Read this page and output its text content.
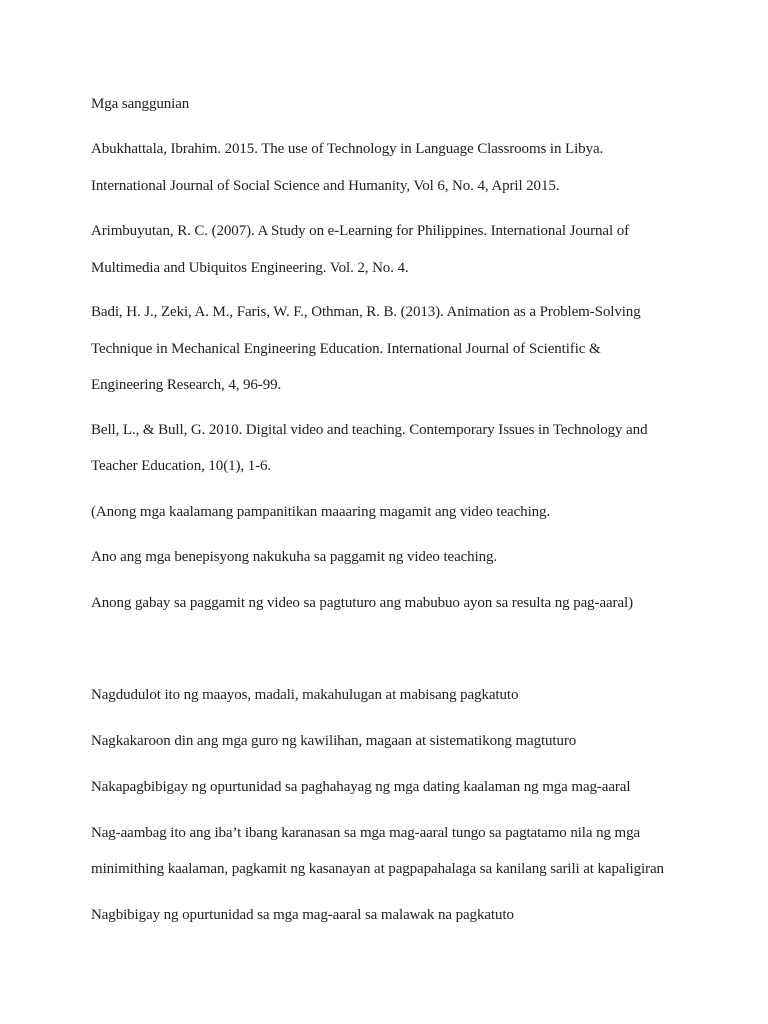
Mga sanggunian

Abukhattala, Ibrahim. 2015. The use of Technology in Language Classrooms in Libya.

International Journal of Social Science and Humanity, Vol 6, No. 4, April 2015.

Arimbuyutan, R. C. (2007). A Study on e-Learning for Philippines. International Journal of

Multimedia and Ubiquitos Engineering. Vol. 2, No. 4.

Badi, H. J., Zeki, A. M., Faris, W. F., Othman, R. B. (2013). Animation as a Problem-Solving

Technique in Mechanical Engineering Education. International Journal of Scientific &

Engineering Research, 4, 96-99.

Bell, L., & Bull, G. 2010. Digital video and teaching. Contemporary Issues in Technology and

Teacher Education, 10(1), 1-6.

(Anong mga kaalamang pampanitikan maaaring magamit ang video teaching.

Ano ang mga benepisyong nakukuha sa paggamit ng video teaching.

Anong gabay sa paggamit ng video sa pagtuturo ang mabubuo ayon sa resulta ng pag-aaral)

Nagdudulot ito ng maayos, madali, makahulugan at mabisang pagkatuto

Nagkakaroon din ang mga guro ng kawilihan, magaan at sistematikong magtuturo

Nakapagbibigay ng opurtunidad sa paghahayag ng mga dating kaalaman ng mga mag-aaral

Nag-aambag ito ang iba’t ibang karanasan sa mga mag-aaral tungo sa pagtatamo nila ng mga

minimithing kaalaman, pagkamit ng kasanayan at pagpapahalaga sa kanilang sarili at kapaligiran

Nagbibigay ng opurtunidad sa mga mag-aaral sa malawak na pagkatuto
